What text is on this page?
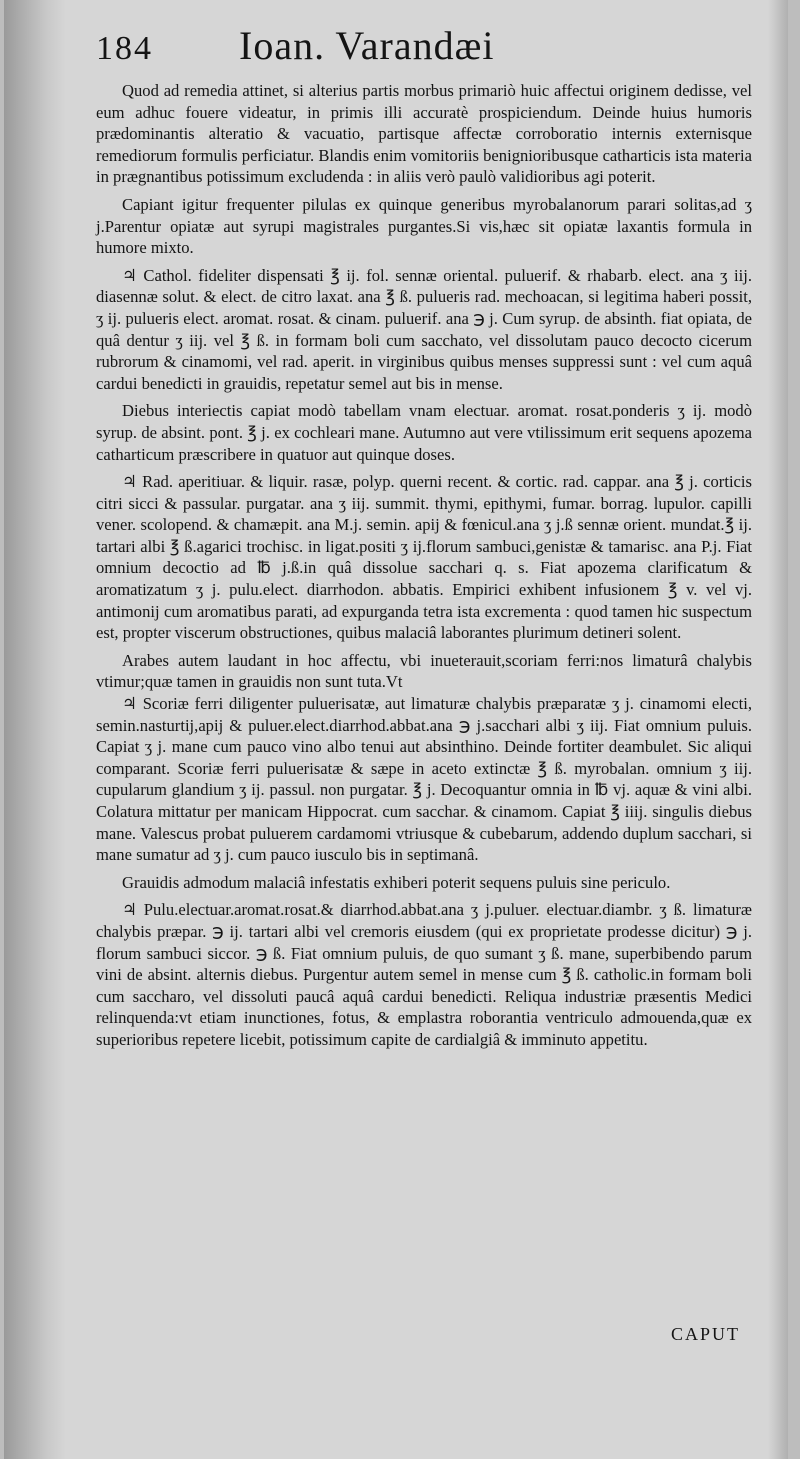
184 Ioan. Varandæi

Quod ad remedia attinet, si alterius partis morbus primariò huic affectui originem dedisse, vel eum adhuc fouere videatur, in primis illi accuratè prospiciendum. Deinde huius humoris prædominantis alteratio & vacuatio, partisque affectæ corroboratio internis externisque remediorum formulis perficiatur. Blandis enim vomitoriis benignioribusque catharticis ista materia in prægnantibus potissimum excludenda : in aliis verò paulò validioribus agi poterit.

Capiant igitur frequenter pilulas ex quinque generibus myrobalanorum parari solitas,ad ʒ j.Parentur opiatæ aut syrupi magistrales purgantes.Si vis,hæc sit opiatæ laxantis formula in humore mixto.

♃ Cathol. fideliter dispensati ℥ ij. fol. sennæ oriental. puluerif. & rhabarb. elect. ana ʒ iij. diasennæ solut. & elect. de citro laxat. ana ℥ ß. pulueris rad. mechoacan, si legitima haberi possit, ʒ ij. pulueris elect. aromat. rosat. & cinam. puluerif. ana ℈ j. Cum syrup. de absinth. fiat opiata, de quâ dentur ʒ iij. vel ℥ ß. in formam boli cum sacchato, vel dissolutam pauco decocto cicerum rubrorum & cinamomi, vel rad. aperit. in virginibus quibus menses suppressi sunt : vel cum aquâ cardui benedicti in grauidis, repetatur semel aut bis in mense.

Diebus interiectis capiat modò tabellam vnam electuar. aromat. rosat.ponderis ʒ ij. modò syrup. de absint. pont. ℥ j. ex cochleari mane. Autumno aut vere vtilissimum erit sequens apozema catharticum præscribere in quatuor aut quinque doses.

♃ Rad. aperitiuar. & liquir. rasæ, polyp. querni recent. & cortic. rad. cappar. ana ℥ j. corticis citri sicci & passular. purgatar. ana ʒ iij. summit. thymi, epithymi, fumar. borrag. lupulor. capilli vener. scolopend. & chamæpit. ana M.j. semin. apij & fœnicul.ana ʒ j.ß sennæ orient. mundat.℥ ij. tartari albi ℥ ß.agarici trochisc. in ligat.positi ʒ ij.florum sambuci,genistæ & tamarisc. ana P.j. Fiat omnium decoctio ad ℔ j.ß.in quâ dissolue sacchari q. s. Fiat apozema clarificatum & aromatizatum ʒ j. pulu.elect. diarrhodon. abbatis. Empirici exhibent infusionem ℥ v. vel vj. antimonij cum aromatibus parati, ad expurganda tetra ista excrementa : quod tamen hic suspectum est, propter viscerum obstructiones, quibus malaciâ laborantes plurimum detineri solent.

Arabes autem laudant in hoc affectu, vbi inueterauit,scoriam ferri:nos limaturâ chalybis vtimur;quæ tamen in grauidis non sunt tuta.Vt

♃ Scoriæ ferri diligenter puluerisatæ, aut limaturæ chalybis præparatæ ʒ j. cinamomi electi, semin.nasturtij,apij & puluer.elect.diarrhod.abbat.ana ℈ j.sacchari albi ʒ iij. Fiat omnium puluis. Capiat ʒ j. mane cum pauco vino albo tenui aut absinthino. Deinde fortiter deambulet. Sic aliqui comparant. Scoriæ ferri puluerisatæ & sæpe in aceto extinctæ ℥ ß. myrobalan. omnium ʒ iij. cupularum glandium ʒ ij. passul. non purgatar. ℥ j. Decoquantur omnia in ℔ vj. aquæ & vini albi. Colatura mittatur per manicam Hippocrat. cum sacchar. & cinamom. Capiat ℥ iiij. singulis diebus mane. Valescus probat puluerem cardamomi vtriusque & cubebarum, addendo duplum sacchari, si mane sumatur ad ʒ j. cum pauco iusculo bis in septimanâ.

Grauidis admodum malaciâ infestatis exhiberi poterit sequens puluis sine periculo.

♃ Pulu.electuar.aromat.rosat.& diarrhod.abbat.ana ʒ j.puluer. electuar.diambr. ʒ ß. limaturæ chalybis præpar. ℈ ij. tartari albi vel cremoris eiusdem (qui ex proprietate prodesse dicitur) ℈ j. florum sambuci siccor. ℈ ß. Fiat omnium puluis, de quo sumant ʒ ß. mane, superbibendo parum vini de absint. alternis diebus. Purgentur autem semel in mense cum ℥ ß. catholic.in formam boli cum saccharo, vel dissoluti paucâ aquâ cardui benedicti. Reliqua industriæ præsentis Medici relinquenda:vt etiam inunctiones, fotus, & emplastra roborantia ventriculo admouenda,quæ ex superioribus repetere licebit, potissimum capite de cardialgiâ & imminuto appetitu.

CAPUT
